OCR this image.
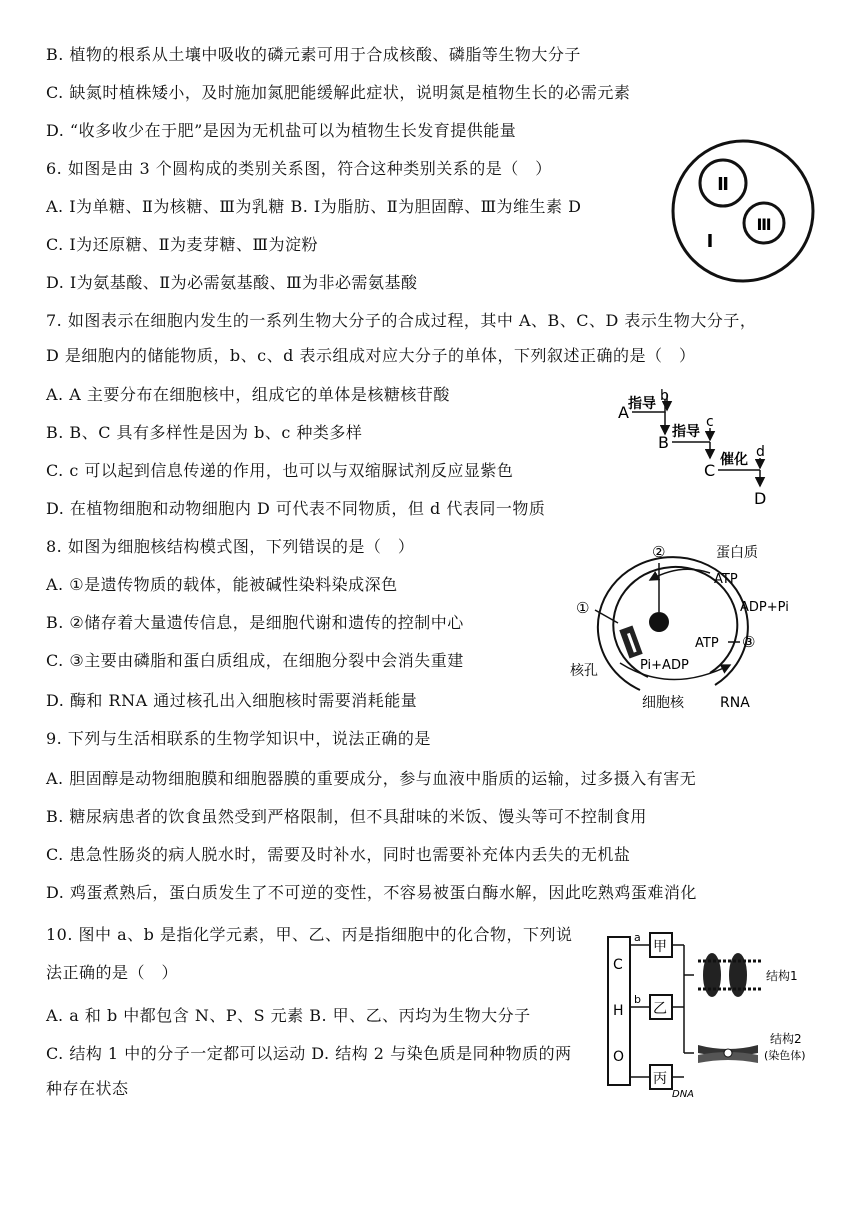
B. 植物的根系从土壤中吸收的磷元素可用于合成核酸、磷脂等生物大分子
C. 缺氮时植株矮小，及时施加氮肥能缓解此症状，说明氮是植物生长的必需元素
D. “收多收少在于肥”是因为无机盐可以为植物生长发育提供能量
6. 如图是由 3 个圆构成的类别关系图，符合这种类别关系的是（　）
A. Ⅰ为单糖、Ⅱ为核糖、Ⅲ为乳糖 B. Ⅰ为脂肪、Ⅱ为胆固醇、Ⅲ为维生素 D
C. Ⅰ为还原糖、Ⅱ为麦芽糖、Ⅲ为淀粉
D. Ⅰ为氨基酸、Ⅱ为必需氨基酸、Ⅲ为非必需氨基酸
Ⅱ
Ⅲ
Ⅰ
7. 如图表示在细胞内发生的一系列生物大分子的合成过程，其中 A、B、C、D 表示生物大分子，
D 是细胞内的储能物质，b、c、d 表示组成对应大分子的单体，下列叙述正确的是（　）
A. A 主要分布在细胞核中，组成它的单体是核糖核苷酸
B. B、C 具有多样性是因为 b、c 种类多样
C. c 可以起到信息传递的作用，也可以与双缩脲试剂反应显紫色
D. 在植物细胞和动物细胞内 D 可代表不同物质，但 d 代表同一物质
A 指导 b
B
指导
c
C
催化 d
D
8. 如图为细胞核结构模式图，下列错误的是（　）
A. ①是遗传物质的载体，能被碱性染料染成深色
B. ②储存着大量遗传信息，是细胞代谢和遗传的控制中心
C. ③主要由磷脂和蛋白质组成，在细胞分裂中会消失重建
D. 酶和 RNA 通过核孔出入细胞核时需要消耗能量
②
①
蛋白质
ATP
ADP+Pi
ATP ③
Pi+ADP
核孔
细胞核	RNA
9. 下列与生活相联系的生物学知识中，说法正确的是
A. 胆固醇是动物细胞膜和细胞器膜的重要成分，参与血液中脂质的运输，过多摄入有害无
B. 糖尿病患者的饮食虽然受到严格限制，但不具甜味的米饭、馒头等可不控制食用
C. 患急性肠炎的病人脱水时，需要及时补水，同时也需要补充体内丢失的无机盐
D. 鸡蛋煮熟后，蛋白质发生了不可逆的变性，不容易被蛋白酶水解，因此吃熟鸡蛋难消化
10. 图中 a、b 是指化学元素，甲、乙、丙是指细胞中的化合物，下列说
法正确的是（　）
A. a 和 b 中都包含 N、P、S 元素 B. 甲、乙、丙均为生物大分子
C. 结构 1 中的分子一定都可以运动 D. 结构 2 与染色质是同种物质的两
种存在状态
C
H
O
a
甲
b
乙
丙
DNA
结构1
结构2
(染色体)
